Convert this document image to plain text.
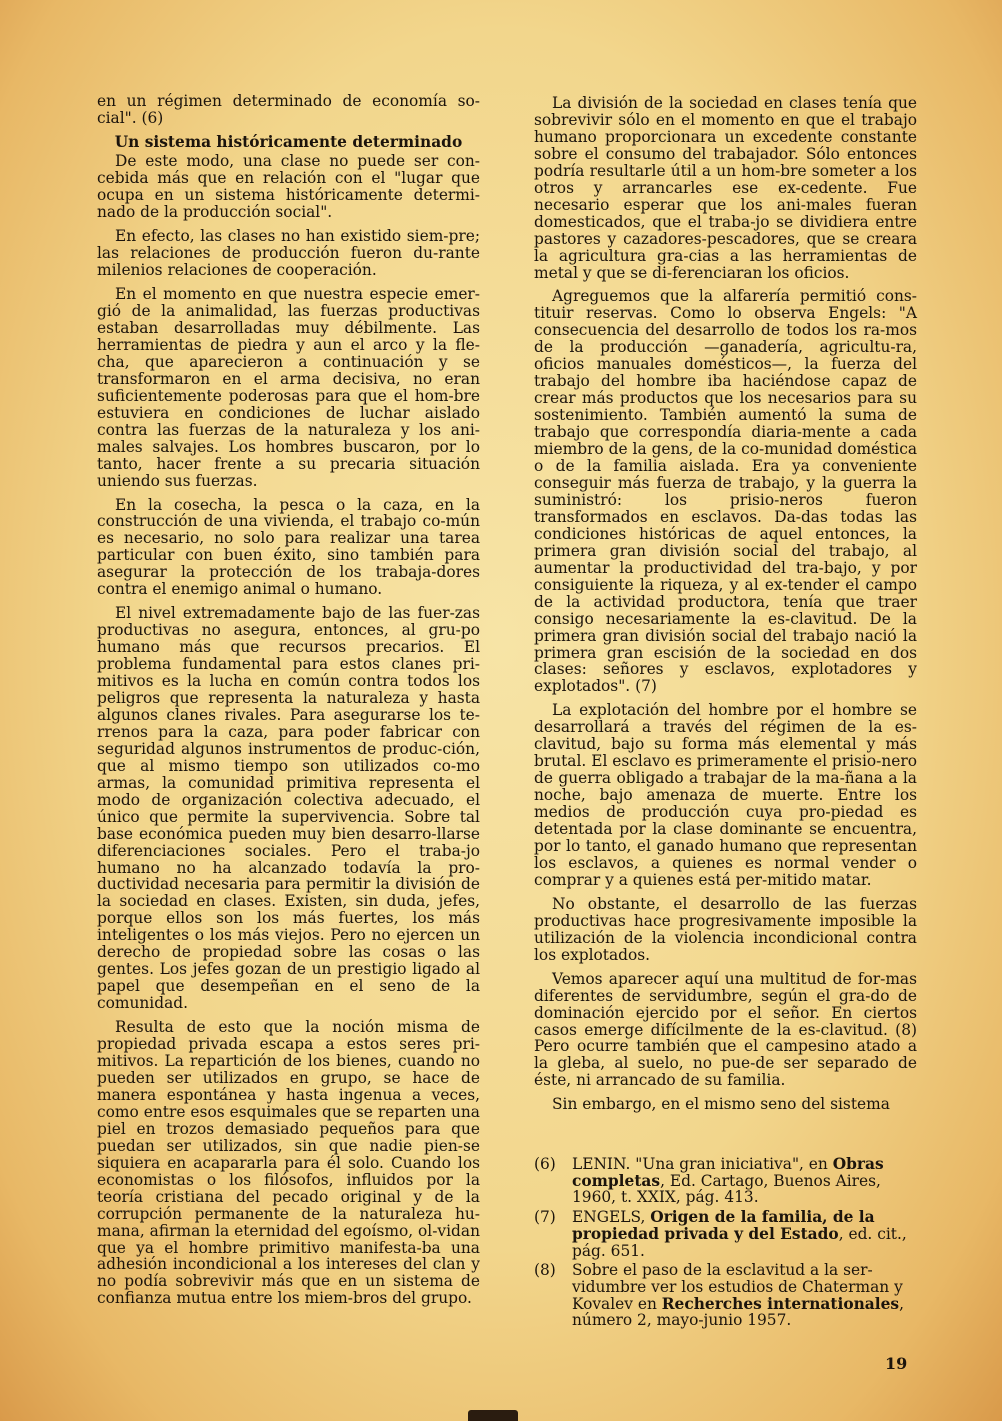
en un régimen determinado de economía so-cial". (6)

Un sistema históricamente determinado

De este modo, una clase no puede ser con-cebida más que en relación con el "lugar que ocupa en un sistema históricamente determi-nado de la producción social".

En efecto, las clases no han existido siem-pre; las relaciones de producción fueron du-rante milenios relaciones de cooperación.

En el momento en que nuestra especie emer-gió de la animalidad, las fuerzas productivas estaban desarrolladas muy débilmente. Las herramientas de piedra y aun el arco y la fle-cha, que aparecieron a continuación y se transformaron en el arma decisiva, no eran suficientemente poderosas para que el hom-bre estuviera en condiciones de luchar aislado contra las fuerzas de la naturaleza y los ani-males salvajes. Los hombres buscaron, por lo tanto, hacer frente a su precaria situación uniendo sus fuerzas.

En la cosecha, la pesca o la caza, en la construcción de una vivienda, el trabajo co-mún es necesario, no solo para realizar una tarea particular con buen éxito, sino también para asegurar la protección de los trabaja-dores contra el enemigo animal o humano.

El nivel extremadamente bajo de las fuer-zas productivas no asegura, entonces, al gru-po humano más que recursos precarios. El problema fundamental para estos clanes pri-mitivos es la lucha en común contra todos los peligros que representa la naturaleza y hasta algunos clanes rivales. Para asegurarse los te-rrenos para la caza, para poder fabricar con seguridad algunos instrumentos de produc-ción, que al mismo tiempo son utilizados co-mo armas, la comunidad primitiva representa el modo de organización colectiva adecuado, el único que permite la supervivencia. Sobre tal base económica pueden muy bien desarro-llarse diferenciaciones sociales. Pero el traba-jo humano no ha alcanzado todavía la pro-ductividad necesaria para permitir la división de la sociedad en clases. Existen, sin duda, jefes, porque ellos son los más fuertes, los más inteligentes o los más viejos. Pero no ejercen un derecho de propiedad sobre las cosas o las gentes. Los jefes gozan de un prestigio ligado al papel que desempeñan en el seno de la comunidad.

Resulta de esto que la noción misma de propiedad privada escapa a estos seres pri-mitivos. La repartición de los bienes, cuando no pueden ser utilizados en grupo, se hace de manera espontánea y hasta ingenua a veces, como entre esos esquimales que se reparten una piel en trozos demasiado pequeños para que puedan ser utilizados, sin que nadie pien-se siquiera en acapararla para él solo. Cuando los economistas o los filósofos, influidos por la teoría cristiana del pecado original y de la corrupción permanente de la naturaleza hu-mana, afirman la eternidad del egoísmo, ol-vidan que ya el hombre primitivo manifesta-ba una adhesión incondicional a los intereses del clan y no podía sobrevivir más que en un sistema de confianza mutua entre los miem-bros del grupo.

La división de la sociedad en clases tenía que sobrevivir sólo en el momento en que el trabajo humano proporcionara un excedente constante sobre el consumo del trabajador. Sólo entonces podría resultarle útil a un hom-bre someter a los otros y arrancarles ese ex-cedente. Fue necesario esperar que los ani-males fueran domesticados, que el traba-jo se dividiera entre pastores y cazadores-pescadores, que se creara la agricultura gra-cias a las herramientas de metal y que se di-ferenciaran los oficios.

Agreguemos que la alfarería permitió cons-tituir reservas. Como lo observa Engels: "A consecuencia del desarrollo de todos los ra-mos de la producción —ganadería, agricultu-ra, oficios manuales domésticos—, la fuerza del trabajo del hombre iba haciéndose capaz de crear más productos que los necesarios para su sostenimiento. También aumentó la suma de trabajo que correspondía diaria-mente a cada miembro de la gens, de la co-munidad doméstica o de la familia aislada. Era ya conveniente conseguir más fuerza de trabajo, y la guerra la suministró: los prisio-neros fueron transformados en esclavos. Da-das todas las condiciones históricas de aquel entonces, la primera gran división social del trabajo, al aumentar la productividad del tra-bajo, y por consiguiente la riqueza, y al ex-tender el campo de la actividad productora, tenía que traer consigo necesariamente la es-clavitud. De la primera gran división social del trabajo nació la primera gran escisión de la sociedad en dos clases: señores y esclavos, explotadores y explotados". (7)

La explotación del hombre por el hombre se desarrollará a través del régimen de la es-clavitud, bajo su forma más elemental y más brutal. El esclavo es primeramente el prisio-nero de guerra obligado a trabajar de la ma-ñana a la noche, bajo amenaza de muerte. Entre los medios de producción cuya pro-piedad es detentada por la clase dominante se encuentra, por lo tanto, el ganado humano que representan los esclavos, a quienes es normal vender o comprar y a quienes está per-mitido matar.

No obstante, el desarrollo de las fuerzas productivas hace progresivamente imposible la utilización de la violencia incondicional contra los explotados.

Vemos aparecer aquí una multitud de for-mas diferentes de servidumbre, según el gra-do de dominación ejercido por el señor. En ciertos casos emerge difícilmente de la es-clavitud. (8) Pero ocurre también que el campesino atado a la gleba, al suelo, no pue-de ser separado de éste, ni arrancado de su familia.

Sin embargo, en el mismo seno del sistema

(6) LENIN. "Una gran iniciativa", en Obras completas, Ed. Cartago, Buenos Aires, 1960, t. XXIX, pág. 413.
(7) ENGELS, Origen de la familia, de la propiedad privada y del Estado, ed. cit., pág. 651.
(8) Sobre el paso de la esclavitud a la ser-vidumbre ver los estudios de Chaterman y Kovalev en Recherches internationales, número 2, mayo-junio 1957.
19
